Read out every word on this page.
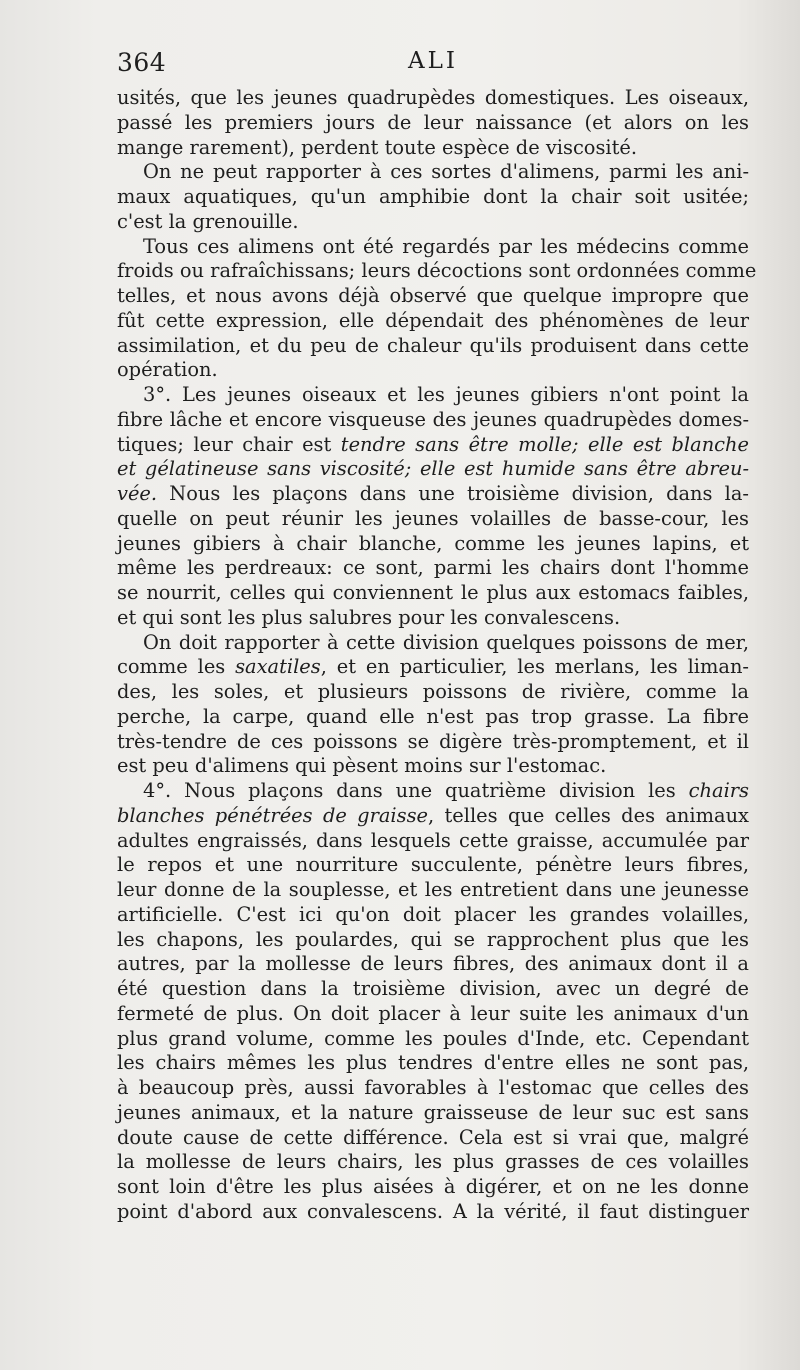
364	ALI
usités, que les jeunes quadrupèdes domestiques. Les oiseaux,
passé les premiers jours de leur naissance (et alors on les
mange rarement), perdent toute espèce de viscosité.
On ne peut rapporter à ces sortes d'alimens, parmi les ani-
maux aquatiques, qu'un amphibie dont la chair soit usitée;
c'est la grenouille.
Tous ces alimens ont été regardés par les médecins comme
froids ou rafraîchissans; leurs décoctions sont ordonnées comme
telles, et nous avons déjà observé que quelque impropre que
fût cette expression, elle dépendait des phénomènes de leur
assimilation, et du peu de chaleur qu'ils produisent dans cette
opération.
3°. Les jeunes oiseaux et les jeunes gibiers n'ont point la
fibre lâche et encore visqueuse des jeunes quadrupèdes domes-
tiques; leur chair est tendre sans être molle; elle est blanche
et gélatineuse sans viscosité; elle est humide sans être abreu-
vée. Nous les plaçons dans une troisième division, dans la-
quelle on peut réunir les jeunes volailles de basse-cour, les
jeunes gibiers à chair blanche, comme les jeunes lapins, et
même les perdreaux: ce sont, parmi les chairs dont l'homme
se nourrit, celles qui conviennent le plus aux estomacs faibles,
et qui sont les plus salubres pour les convalescens.
On doit rapporter à cette division quelques poissons de mer,
comme les saxatiles, et en particulier, les merlans, les liman-
des, les soles, et plusieurs poissons de rivière, comme la
perche, la carpe, quand elle n'est pas trop grasse. La fibre
très-tendre de ces poissons se digère très-promptement, et il
est peu d'alimens qui pèsent moins sur l'estomac.
4°. Nous plaçons dans une quatrième division les chairs
blanches pénétrées de graisse, telles que celles des animaux
adultes engraissés, dans lesquels cette graisse, accumulée par
le repos et une nourriture succulente, pénètre leurs fibres,
leur donne de la souplesse, et les entretient dans une jeunesse
artificielle. C'est ici qu'on doit placer les grandes volailles,
les chapons, les poulardes, qui se rapprochent plus que les
autres, par la mollesse de leurs fibres, des animaux dont il a
été question dans la troisième division, avec un degré de
fermeté de plus. On doit placer à leur suite les animaux d'un
plus grand volume, comme les poules d'Inde, etc. Cependant
les chairs mêmes les plus tendres d'entre elles ne sont pas,
à beaucoup près, aussi favorables à l'estomac que celles des
jeunes animaux, et la nature graisseuse de leur suc est sans
doute cause de cette différence. Cela est si vrai que, malgré
la mollesse de leurs chairs, les plus grasses de ces volailles
sont loin d'être les plus aisées à digérer, et on ne les donne
point d'abord aux convalescens. A la vérité, il faut distinguer
